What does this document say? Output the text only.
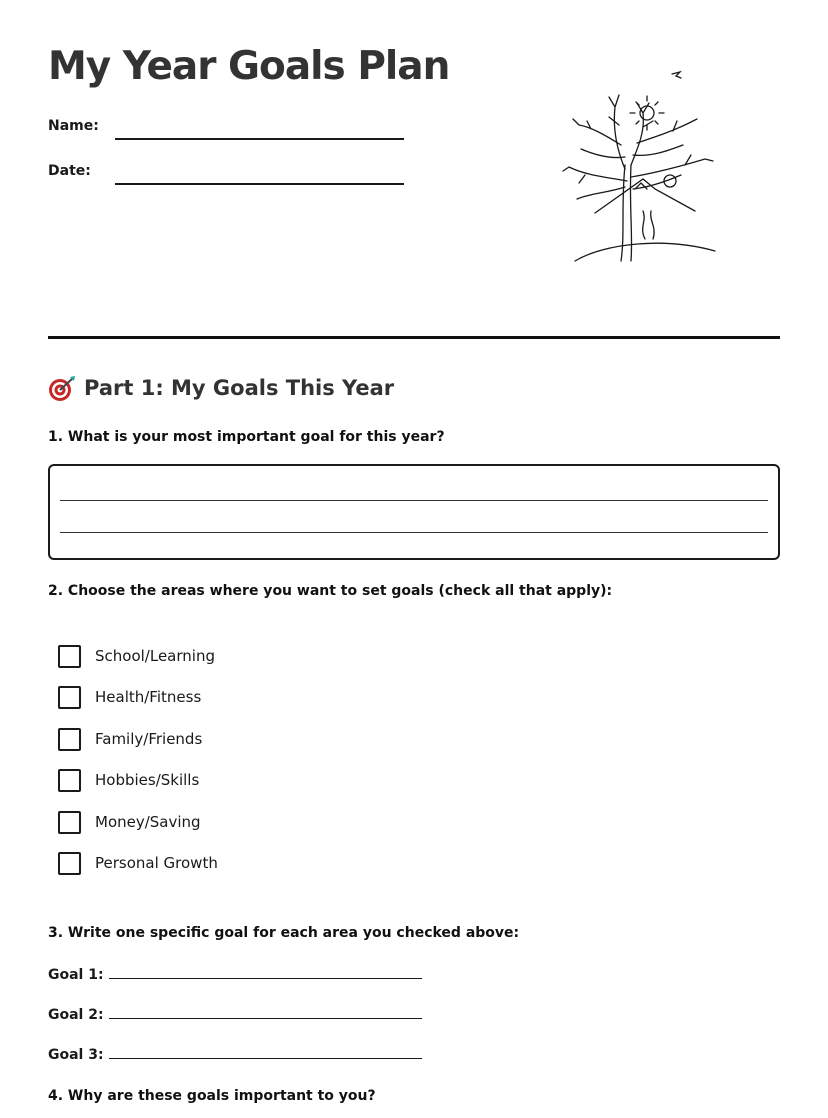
My Year Goals Plan
Name:
Date:
Part 1: My Goals This Year

1. What is your most important goal for this year?

2. Choose the areas where you want to set goals (check all that apply):

School/Learning
Health/Fitness
Family/Friends
Hobbies/Skills
Money/Saving
Personal Growth

3. Write one specific goal for each area you checked above:

Goal 1:
Goal 2:
Goal 3:

4. Why are these goals important to you?
